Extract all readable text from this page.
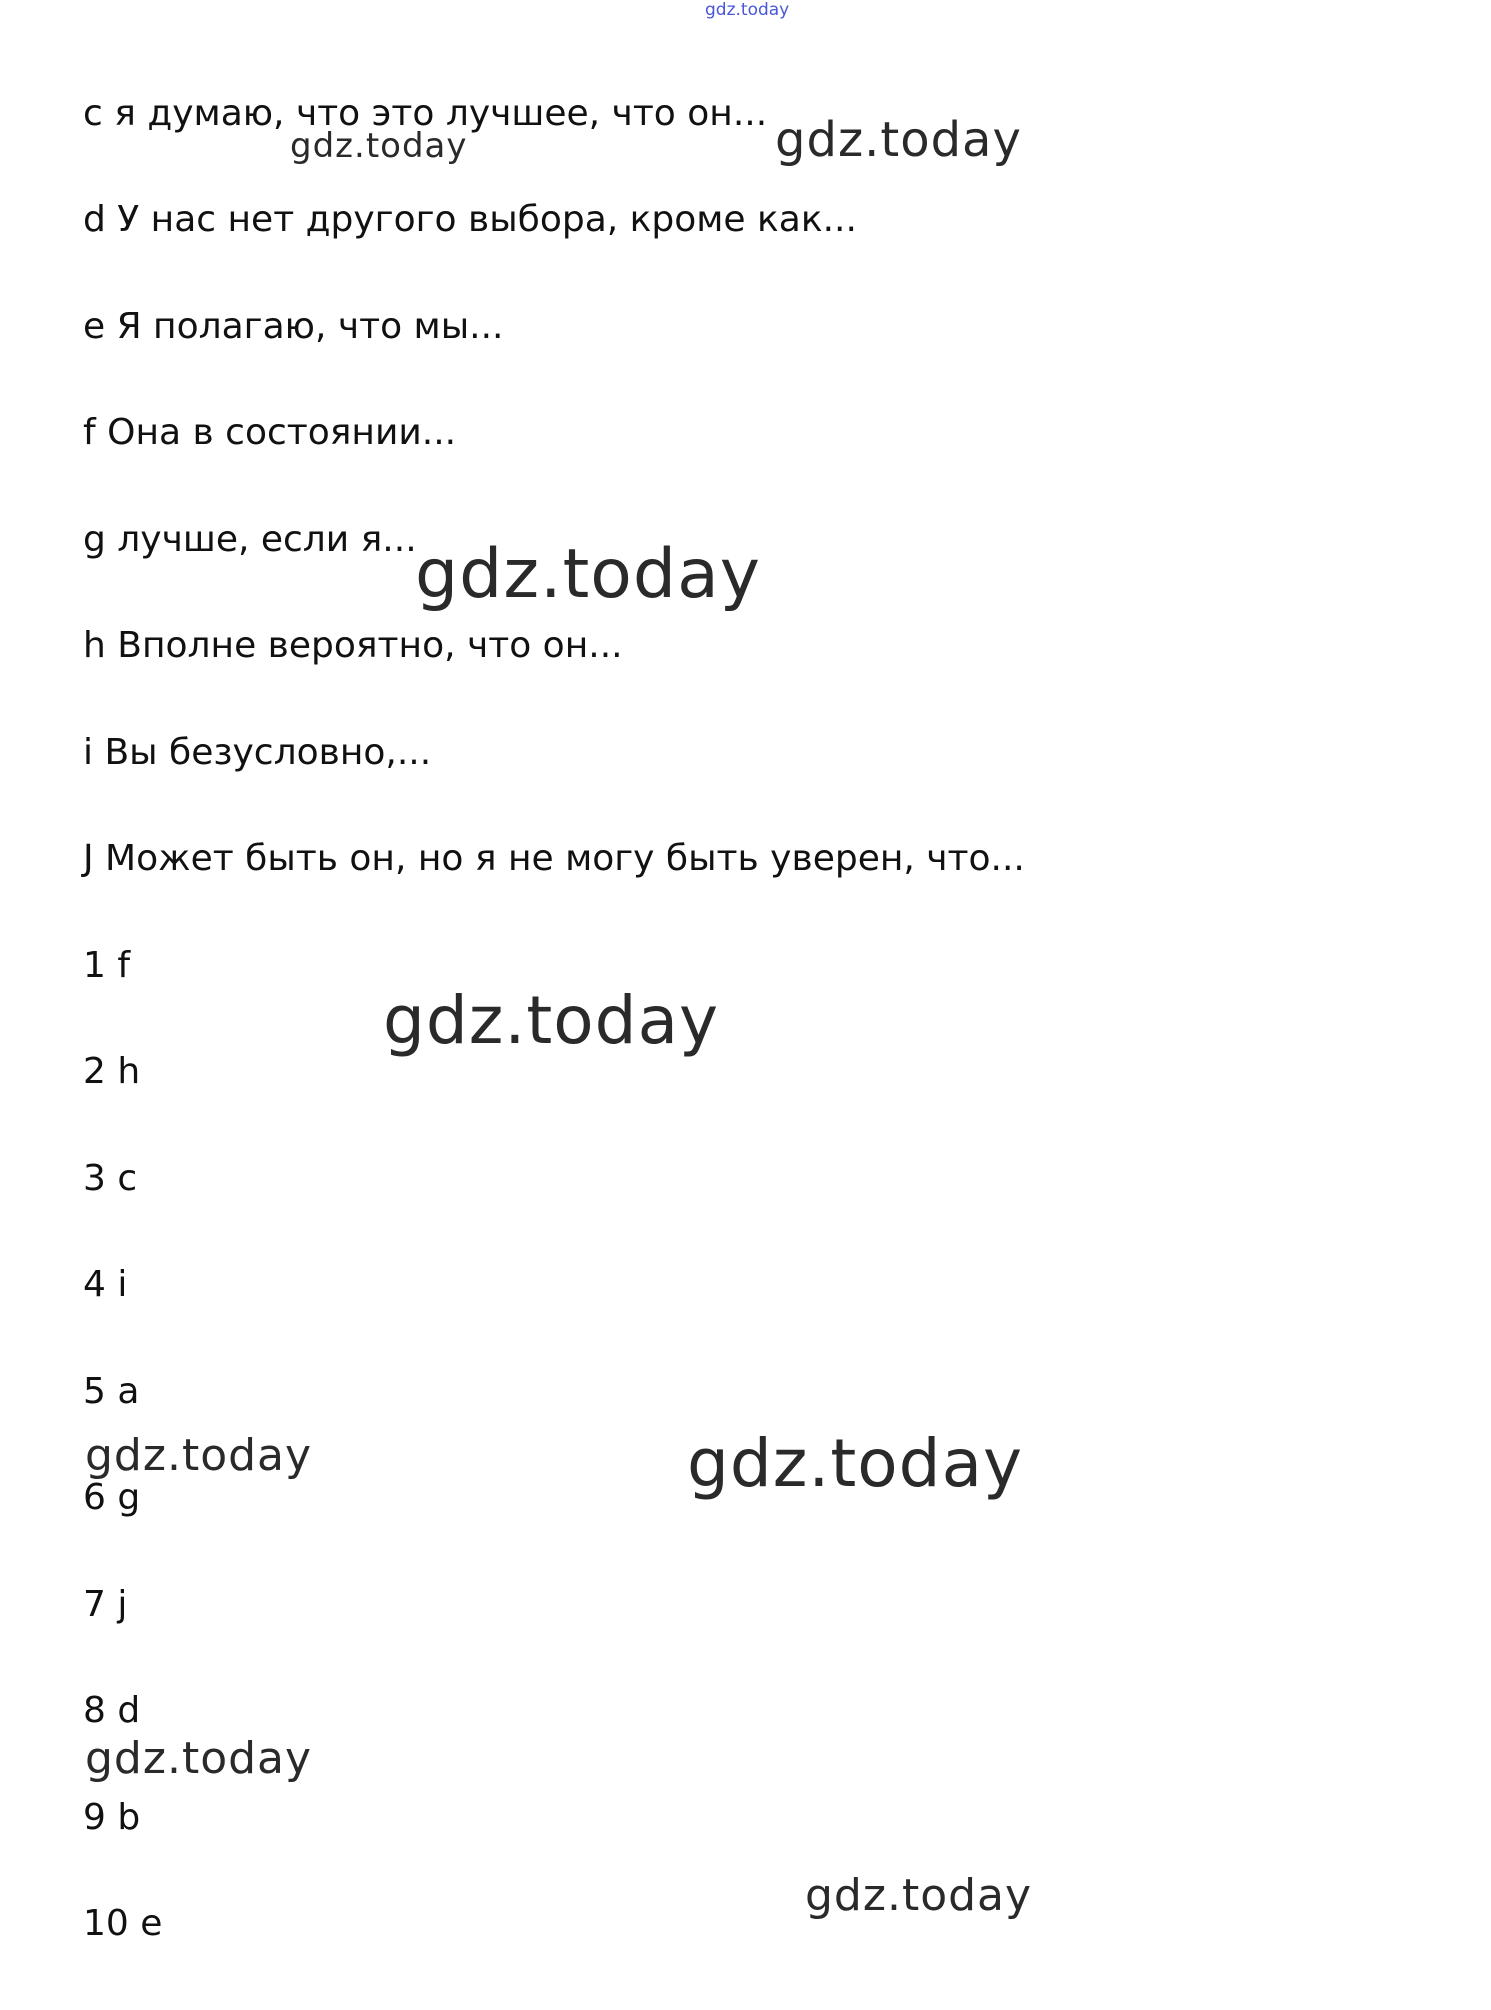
gdz.today
с я думаю, что это лучшее, что он...
d У нас нет другого выбора, кроме как...
e Я полагаю, что мы...
f Она в состоянии...
g лучше, если я...
h Вполне вероятно, что он...
i Вы безусловно,...
J Может быть он, но я не могу быть уверен, что...
1 f
2 h
3 c
4 i
5 a
6 g
7 j
8 d
9 b
10 e
gdz.today	gdz.today
gdz.today
gdz.today
gdz.today	gdz.today
gdz.today
gdz.today
